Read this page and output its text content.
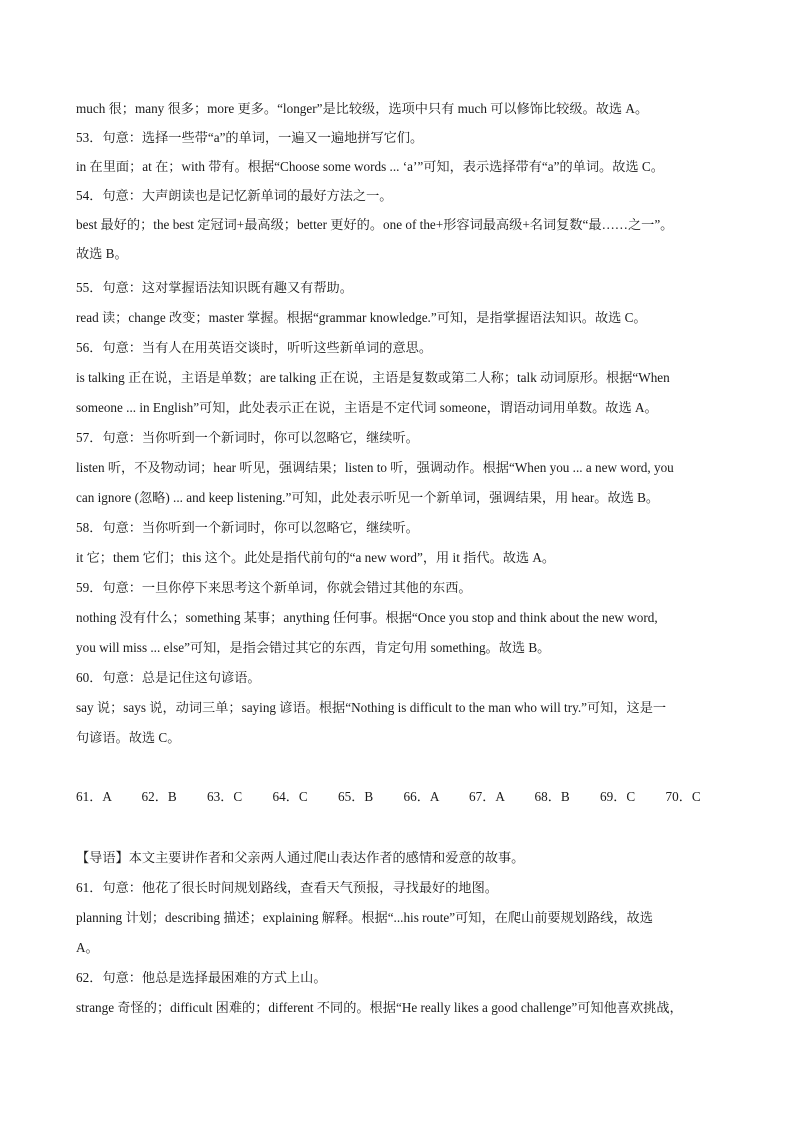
much 很；many 很多；more 更多。“longer”是比较级，选项中只有 much 可以修饰比较级。故选 A。
53．句意：选择一些带“a”的单词，一遍又一遍地拼写它们。
in 在里面；at 在；with 带有。根据“Choose some words ... ‘a’”可知，表示选择带有“a”的单词。故选 C。
54．句意：大声朗读也是记忆新单词的最好方法之一。
best 最好的；the best 定冠词+最高级；better 更好的。one of the+形容词最高级+名词复数“最……之一”。
故选 B。
55．句意：这对掌握语法知识既有趣又有帮助。
read 读；change 改变；master 掌握。根据“grammar knowledge.”可知，是指掌握语法知识。故选 C。
56．句意：当有人在用英语交谈时，听听这些新单词的意思。
is talking 正在说，主语是单数；are talking 正在说，主语是复数或第二人称；talk 动词原形。根据“When
someone ... in English”可知，此处表示正在说，主语是不定代词 someone，谓语动词用单数。故选 A。
57．句意：当你听到一个新词时，你可以忽略它，继续听。
listen 听，不及物动词；hear 听见，强调结果；listen to 听，强调动作。根据“When you ... a new word, you
can ignore (忽略) ... and keep listening.”可知，此处表示听见一个新单词，强调结果，用 hear。故选 B。
58．句意：当你听到一个新词时，你可以忽略它，继续听。
it 它；them 它们；this 这个。此处是指代前句的“a new word”，用 it 指代。故选 A。
59．句意：一旦你停下来思考这个新单词，你就会错过其他的东西。
nothing 没有什么；something 某事；anything 任何事。根据“Once you stop and think about the new word,
you will miss ... else”可知，是指会错过其它的东西，肯定句用 something。故选 B。
60．句意：总是记住这句谚语。
say 说；says 说，动词三单；saying 谚语。根据“Nothing is difficult to the man who will try.”可知，这是一
句谚语。故选 C。
61．A	62．B	63．C	64．C	65．B	66．A	67．A	68．B	69．C	70．C
【导语】本文主要讲作者和父亲两人通过爬山表达作者的感情和爱意的故事。
61．句意：他花了很长时间规划路线，查看天气预报，寻找最好的地图。
planning 计划；describing 描述；explaining 解释。根据“...his route”可知，在爬山前要规划路线，故选
A。
62．句意：他总是选择最困难的方式上山。
strange 奇怪的；difficult 困难的；different 不同的。根据“He really likes a good challenge”可知他喜欢挑战，
